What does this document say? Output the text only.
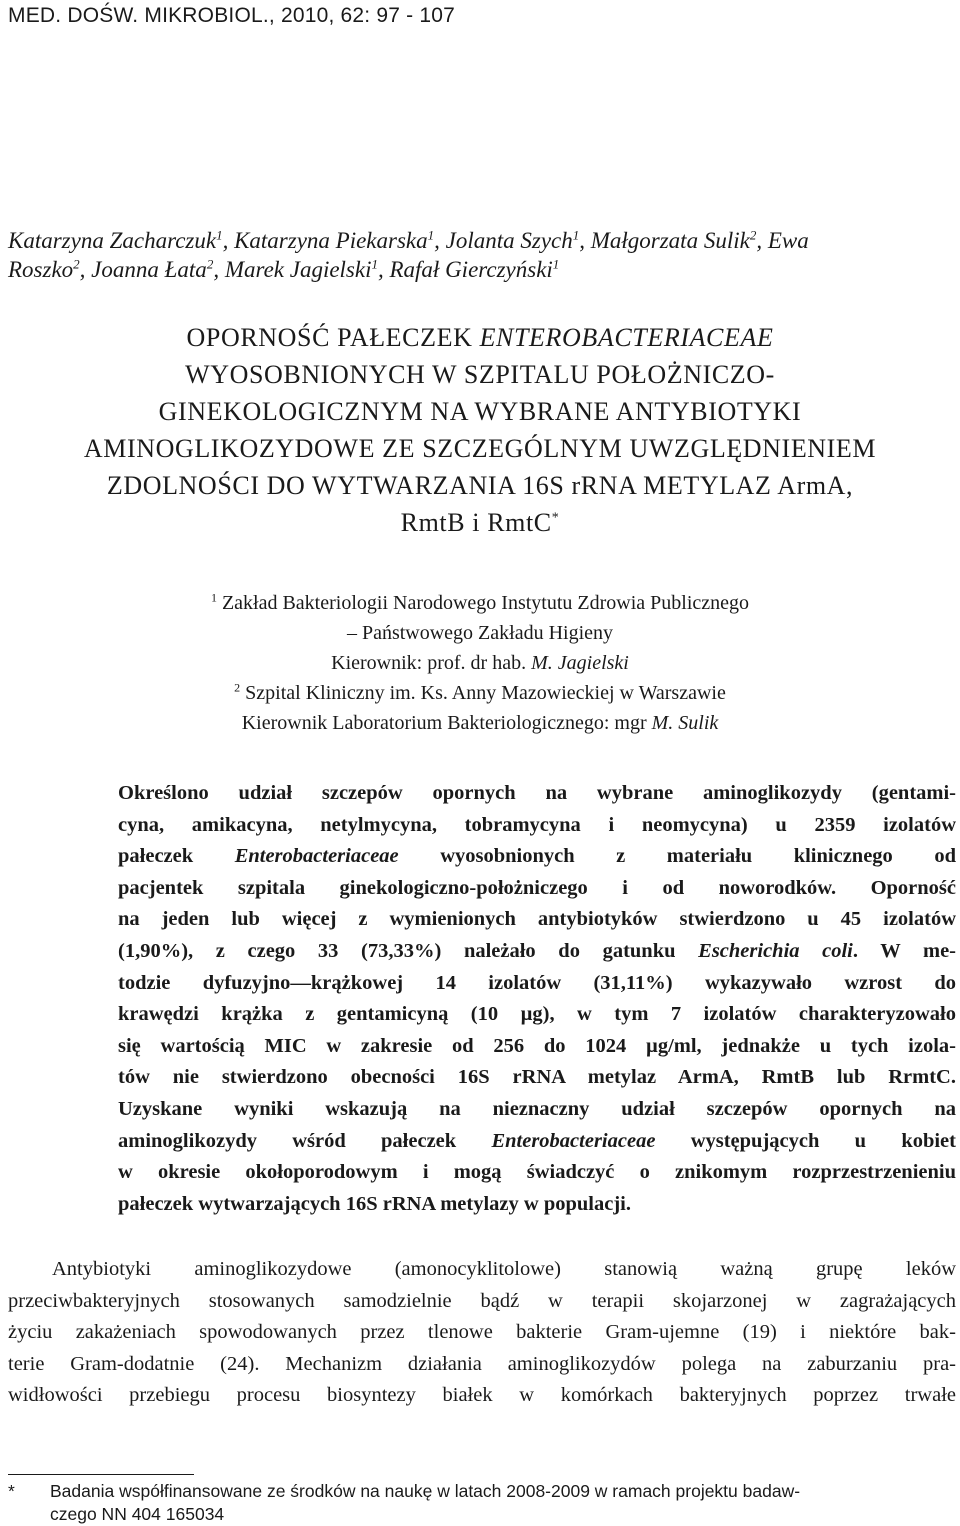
MED. DOŚW. MIKROBIOL., 2010, 62: 97 - 107
Katarzyna Zacharczuk$^1$, Katarzyna Piekarska$^1$, Jolanta Szych$^1$, Małgorzata Sulik$^2$, Ewa
Roszko$^2$, Joanna Łata$^2$, Marek Jagielski$^1$, Rafał Gierczyński$^1$
OPORNOŚĆ PAŁECZEK ENTEROBACTERIACEAE
WYOSOBNIONYCH W SZPITALU POŁOŻNICZO-
GINEKOLOGICZNYM NA WYBRANE ANTYBIOTYKI
AMINOGLIKOZYDOWE ZE SZCZEGÓLNYM UWZGLĘDNIENIEM
ZDOLNOŚCI DO WYTWARZANIA 16S rRNA METYLAZ ArmA,
RmtB i RmtC*
$^1$ Zakład Bakteriologii Narodowego Instytutu Zdrowia Publicznego
– Państwowego Zakładu Higieny
Kierownik: prof. dr hab. M. Jagielski
$^2$ Szpital Kliniczny im. Ks. Anny Mazowieckiej w Warszawie
Kierownik Laboratorium Bakteriologicznego: mgr M. Sulik
Określono udział szczepów opornych na wybrane aminoglikozydy (gentami-
cyna, amikacyna, netylmycyna, tobramycyna i neomycyna) u 2359 izolatów
pałeczek Enterobacteriaceae wyosobnionych z materiału klinicznego od
pacjentek szpitala ginekologiczno-położniczego i od noworodków. Oporność
na jeden lub więcej z wymienionych antybiotyków stwierdzono u 45 izolatów
(1,90%), z czego 33 (73,33%) należało do gatunku Escherichia coli. W me-
todzie dyfuzyjno—krążkowej 14 izolatów (31,11%) wykazywało wzrost do
krawędzi krążka z gentamicyną (10 µg), w tym 7 izolatów charakteryzowało
się wartością MIC w zakresie od 256 do 1024 µg/ml, jednakże u tych izola-
tów nie stwierdzono obecności 16S rRNA metylaz ArmA, RmtB lub RrmtC.
Uzyskane wyniki wskazują na nieznaczny udział szczepów opornych na
aminoglikozydy wśród pałeczek Enterobacteriaceae występujących u kobiet
w okresie okołoporodowym i mogą świadczyć o znikomym rozprzestrzenieniu
pałeczek wytwarzających 16S rRNA metylazy w populacji.
Antybiotyki aminoglikozydowe (amonocyklitolowe) stanowią ważną grupę leków
przeciwbakteryjnych stosowanych samodzielnie bądź w terapii skojarzonej w zagrażających
życiu zakażeniach spowodowanych przez tlenowe bakterie Gram-ujemne (19) i niektóre bak-
terie Gram-dodatnie (24). Mechanizm działania aminoglikozydów polega na zaburzaniu pra-
widłowości przebiegu procesu biosyntezy białek w komórkach bakteryjnych poprzez trwałe
* Badania współfinansowane ze środków na naukę w latach 2008-2009 w ramach projektu badaw-
czego NN 404 165034
